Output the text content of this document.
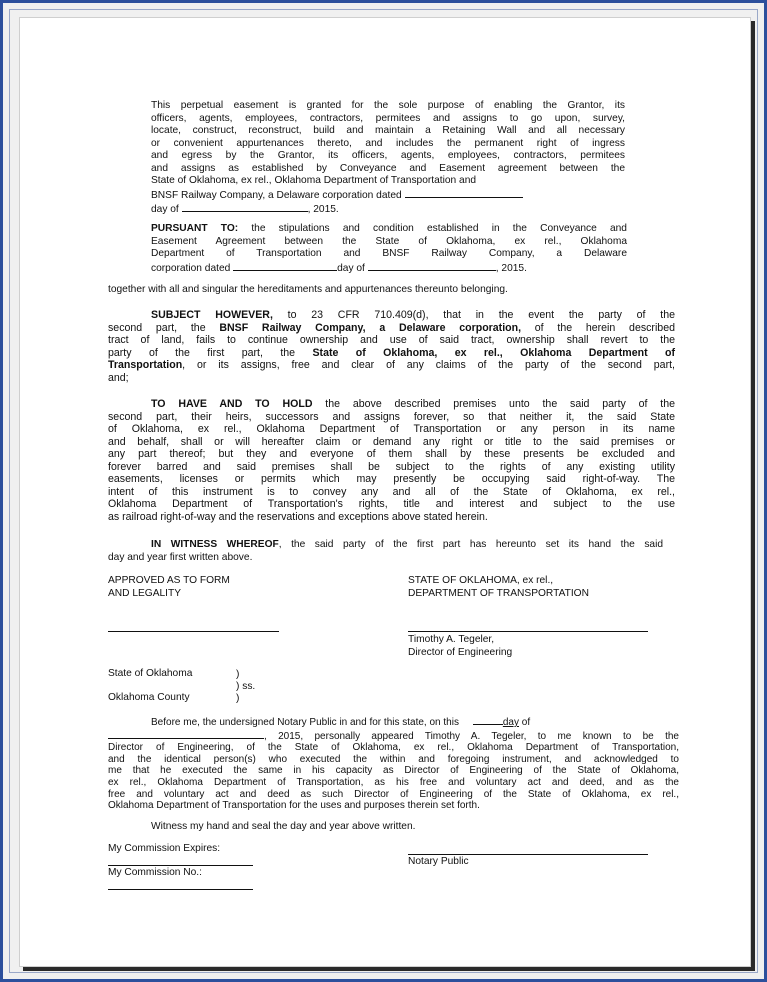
This perpetual easement is granted for the sole purpose of enabling the Grantor, its
officers, agents, employees, contractors, permitees and assigns to go upon, survey,
locate, construct, reconstruct, build and maintain a Retaining Wall and all necessary
or convenient appurtenances thereto, and includes the permanent right of ingress
and egress by the Grantor, its officers, agents, employees, contractors, permitees
and assigns as established by Conveyance and Easement agreement between the
State of Oklahoma, ex rel., Oklahoma Department of Transportation and
BNSF Railway Company, a Delaware corporation dated
day of	, 2015.
PURSUANT TO: the stipulations and condition established in the Conveyance and
Easement Agreement between the State of Oklahoma, ex rel., Oklahoma
Department of Transportation and BNSF Railway Company, a Delaware
corporation dated	day of	, 2015.
together with all and singular the hereditaments and appurtenances thereunto belonging.
SUBJECT HOWEVER, to 23 CFR 710.409(d), that in the event the party of the
second part, the BNSF Railway Company, a Delaware corporation, of the herein described
tract of land, fails to continue ownership and use of said tract, ownership shall revert to the
party of the first part, the State of Oklahoma, ex rel., Oklahoma Department of
Transportation, or its assigns, free and clear of any claims of the party of the second part,
and;
TO HAVE AND TO HOLD the above described premises unto the said party of the
second part, their heirs, successors and assigns forever, so that neither it, the said State
of Oklahoma, ex rel., Oklahoma Department of Transportation or any person in its name
and behalf, shall or will hereafter claim or demand any right or title to the said premises or
any part thereof; but they and everyone of them shall by these presents be excluded and
forever barred and said premises shall be subject to the rights of any existing utility
easements, licenses or permits which may presently be occupying said right-of-way. The
intent of this instrument is to convey any and all of the State of Oklahoma, ex rel.,
Oklahoma Department of Transportation's rights, title and interest and subject to the use
as railroad right-of-way and the reservations and exceptions above stated herein.
IN WITNESS WHEREOF, the said party of the first part has hereunto set its hand the said
day and year first written above.
APPROVED AS TO FORM
AND LEGALITY
STATE OF OKLAHOMA, ex rel.,
DEPARTMENT OF TRANSPORTATION
Timothy A. Tegeler,
Director of Engineering
State of Oklahoma	)
) ss.
Oklahoma County	)
Before me, the undersigned Notary Public in and for this state, on this	day of
, 2015, personally appeared Timothy A. Tegeler, to me known to be the
Director of Engineering, of the State of Oklahoma, ex rel., Oklahoma Department of Transportation,
and the identical person(s) who executed the within and foregoing instrument, and acknowledged to
me that he executed the same in his capacity as Director of Engineering of the State of Oklahoma,
ex rel., Oklahoma Department of Transportation, as his free and voluntary act and deed, and as the
free and voluntary act and deed as such Director of Engineering of the State of Oklahoma, ex rel.,
Oklahoma Department of Transportation for the uses and purposes therein set forth.
Witness my hand and seal the day and year above written.
My Commission Expires:
My Commission No.:
Notary Public
